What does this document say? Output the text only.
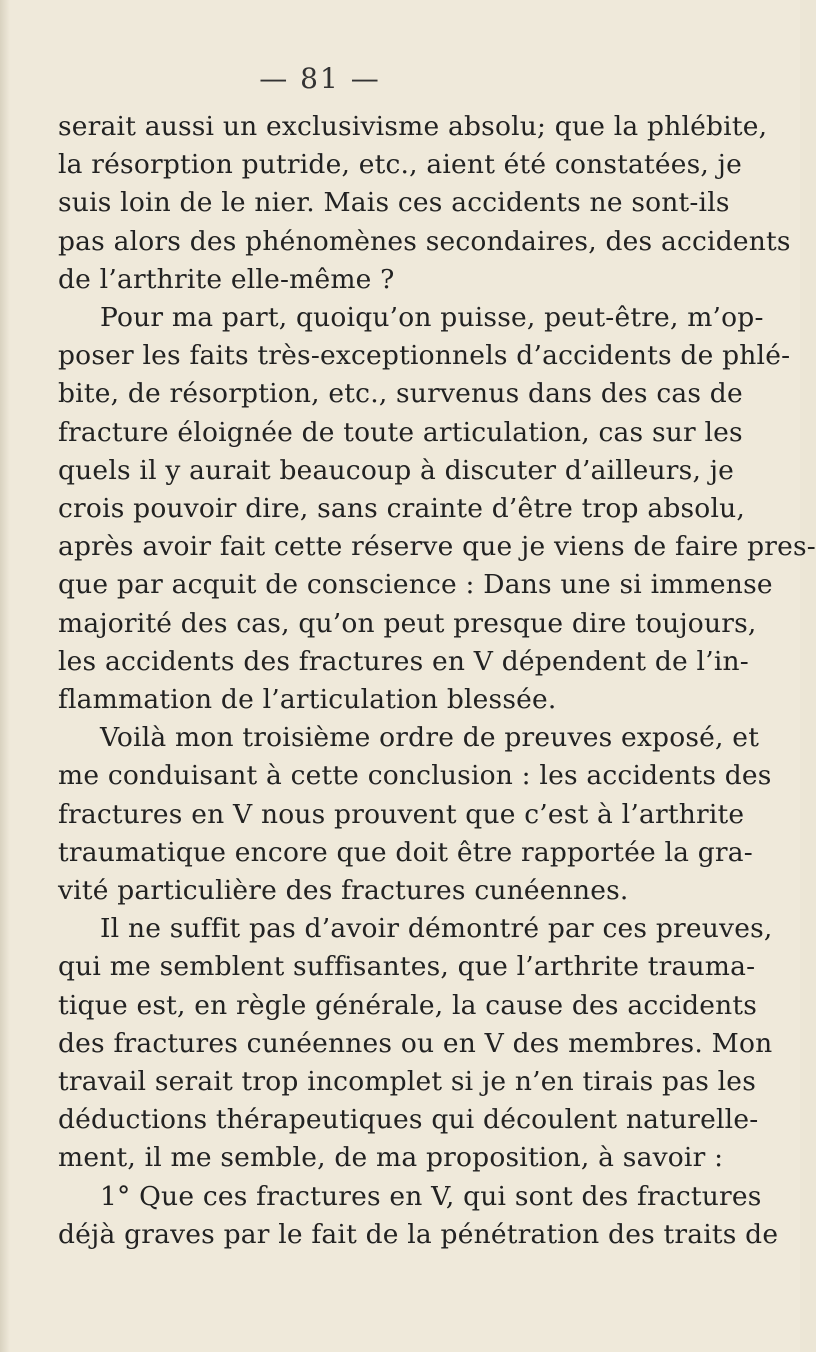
— 81 —
serait aussi un exclusivisme absolu; que la phlébite,
la résorption putride, etc., aient été constatées, je
suis loin de le nier. Mais ces accidents ne sont-ils
pas alors des phénomènes secondaires, des accidents
de l’arthrite elle-même ?
Pour ma part, quoiqu’on puisse, peut-être, m’op-
poser les faits très-exceptionnels d’accidents de phlé-
bite, de résorption, etc., survenus dans des cas de
fracture éloignée de toute articulation, cas sur les
quels il y aurait beaucoup à discuter d’ailleurs, je
crois pouvoir dire, sans crainte d’être trop absolu,
après avoir fait cette réserve que je viens de faire pres-
que par acquit de conscience : Dans une si immense
majorité des cas, qu’on peut presque dire toujours,
les accidents des fractures en V dépendent de l’in-
flammation de l’articulation blessée.
Voilà mon troisième ordre de preuves exposé, et
me conduisant à cette conclusion : les accidents des
fractures en V nous prouvent que c’est à l’arthrite
traumatique encore que doit être rapportée la gra-
vité particulière des fractures cunéennes.
Il ne suffit pas d’avoir démontré par ces preuves,
qui me semblent suffisantes, que l’arthrite trauma-
tique est, en règle générale, la cause des accidents
des fractures cunéennes ou en V des membres. Mon
travail serait trop incomplet si je n’en tirais pas les
déductions thérapeutiques qui découlent naturelle-
ment, il me semble, de ma proposition, à savoir :
1° Que ces fractures en V, qui sont des fractures
déjà graves par le fait de la pénétration des traits de
